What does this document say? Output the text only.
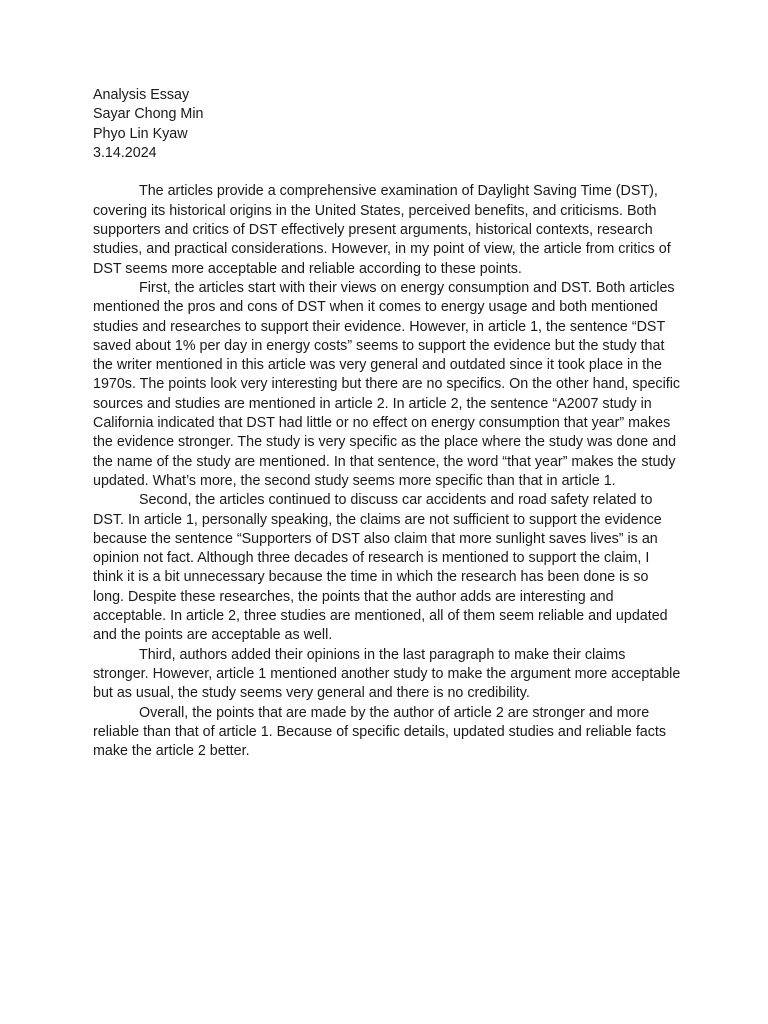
Analysis Essay
Sayar Chong Min
Phyo Lin Kyaw
3.14.2024

The articles provide a comprehensive examination of Daylight Saving Time (DST), covering its historical origins in the United States, perceived benefits, and criticisms. Both supporters and critics of DST effectively present arguments, historical contexts, research studies, and practical considerations. However, in my point of view, the article from critics of DST seems more acceptable and reliable according to these points.

First, the articles start with their views on energy consumption and DST. Both articles mentioned the pros and cons of DST when it comes to energy usage and both mentioned studies and researches to support their evidence. However, in article 1, the sentence “DST saved about 1% per day in energy costs” seems to support the evidence but the study that the writer mentioned in this article was very general and outdated since it took place in the 1970s. The points look very interesting but there are no specifics. On the other hand, specific sources and studies are mentioned in article 2. In article 2, the sentence “A2007 study in California indicated that DST had little or no effect on energy consumption that year” makes the evidence stronger. The study is very specific as the place where the study was done and the name of the study are mentioned. In that sentence, the word “that year” makes the study updated. What’s more, the second study seems more specific than that in article 1.

Second, the articles continued to discuss car accidents and road safety related to DST. In article 1, personally speaking, the claims are not sufficient to support the evidence because the sentence “Supporters of DST also claim that more sunlight saves lives” is an opinion not fact. Although three decades of research is mentioned to support the claim, I think it is a bit unnecessary because the time in which the research has been done is so long. Despite these researches, the points that the author adds are interesting and acceptable. In article 2, three studies are mentioned, all of them seem reliable and updated and the points are acceptable as well.

Third, authors added their opinions in the last paragraph to make their claims stronger. However, article 1 mentioned another study to make the argument more acceptable but as usual, the study seems very general and there is no credibility.

Overall, the points that are made by the author of article 2 are stronger and more reliable than that of article 1. Because of specific details, updated studies and reliable facts make the article 2 better.
